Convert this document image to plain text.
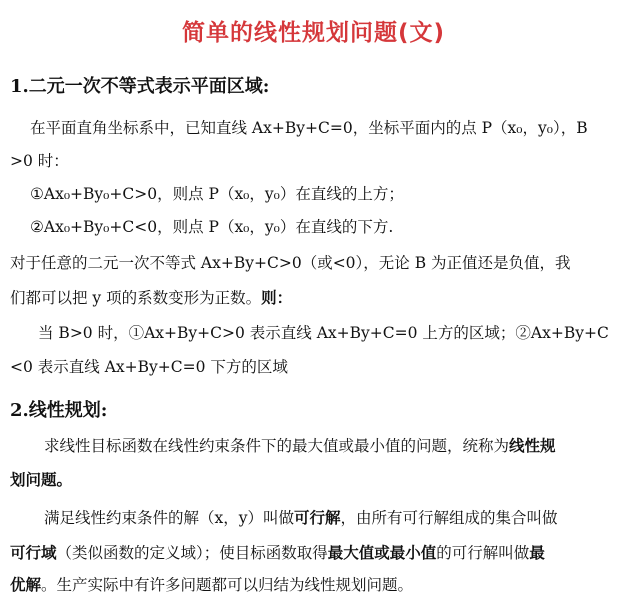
简单的线性规划问题(文)
1.二元一次不等式表示平面区域:
在平面直角坐标系中，已知直线 Ax+By+C=0，坐标平面内的点 P（x₀，y₀），B
>0 时：
①Ax₀+By₀+C>0，则点 P（x₀，y₀）在直线的上方；
②Ax₀+By₀+C<0，则点 P（x₀，y₀）在直线的下方.
对于任意的二元一次不等式 Ax+By+C>0（或<0），无论 B 为正值还是负值，我
们都可以把 y 项的系数变形为正数。则：
当 B>0 时，①Ax+By+C>0 表示直线 Ax+By+C=0 上方的区域；②Ax+By+C
<0 表示直线 Ax+By+C=0 下方的区域
2.线性规划:
求线性目标函数在线性约束条件下的最大值或最小值的问题，统称为线性规
划问题。
满足线性约束条件的解（x，y）叫做可行解，由所有可行解组成的集合叫做
可行域（类似函数的定义域）；使目标函数取得最大值或最小值的可行解叫做最
优解。生产实际中有许多问题都可以归结为线性规划问题。
